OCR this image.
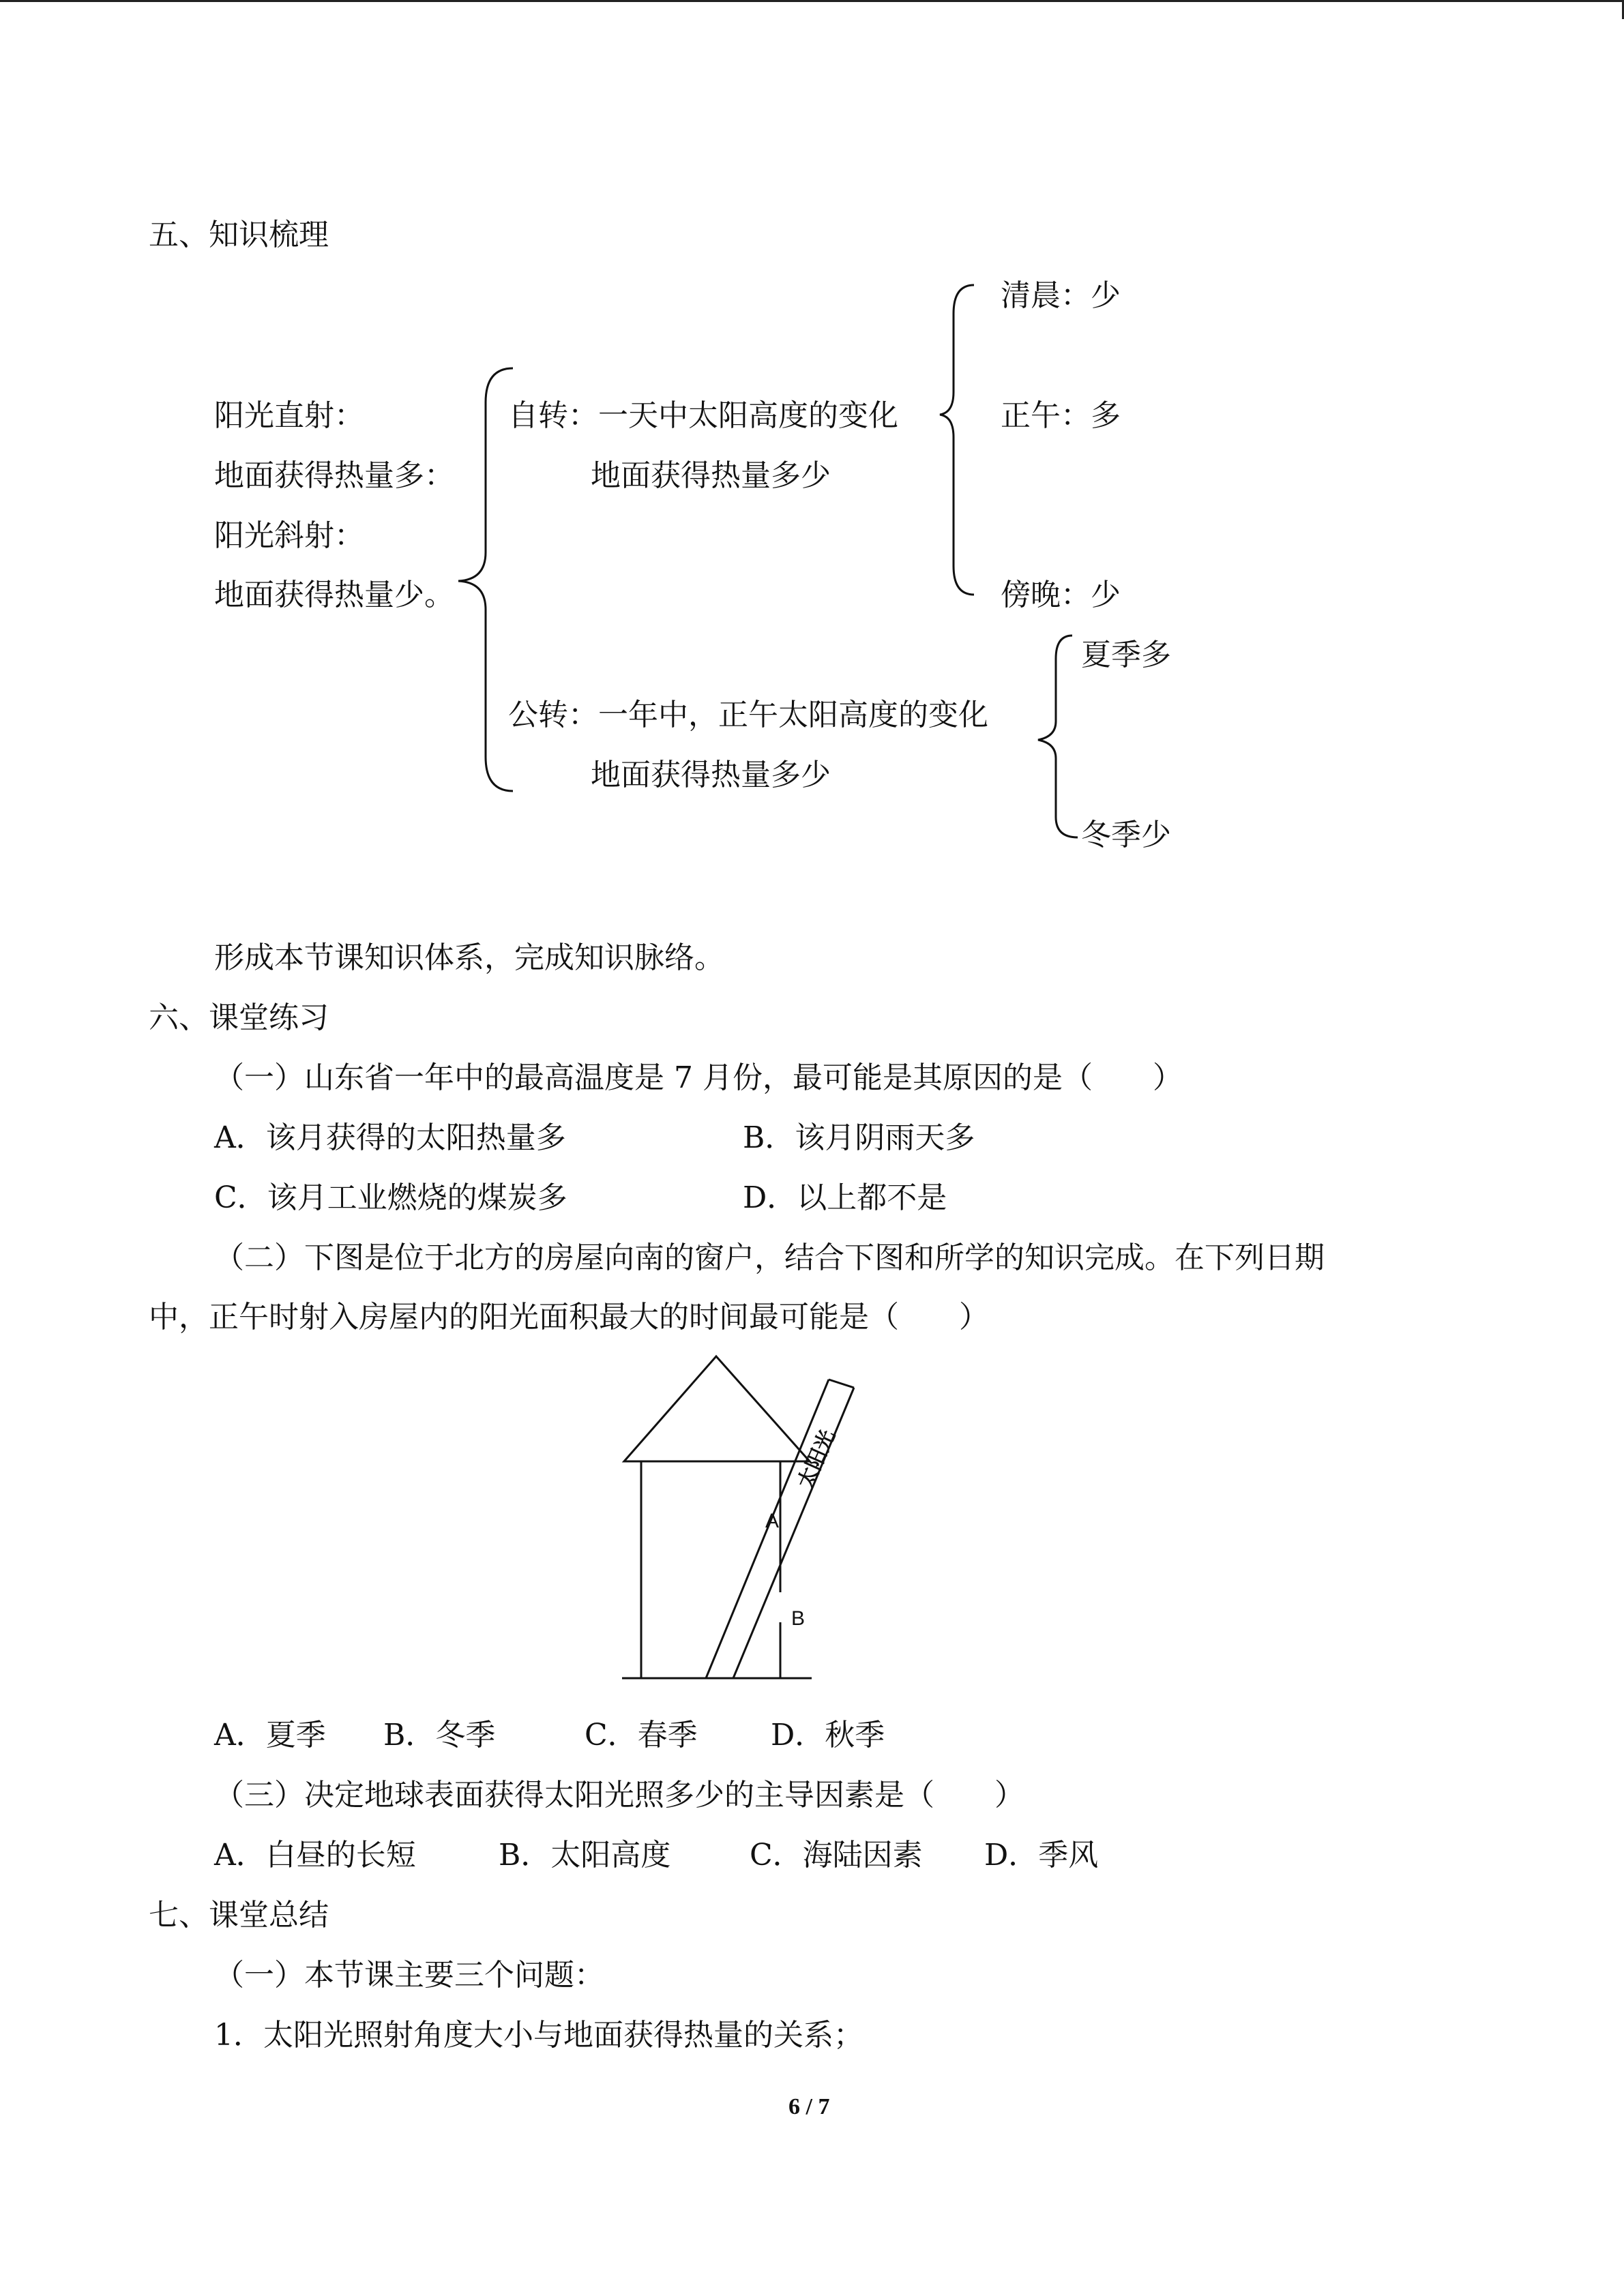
五、知识梳理
阳光直射：
地面获得热量多：
阳光斜射：
地面获得热量少。
自转：一天中太阳高度的变化
地面获得热量多少
清晨：少
正午：多
傍晚：少
公转：一年中，正午太阳高度的变化
地面获得热量多少
夏季多
冬季少
形成本节课知识体系，完成知识脉络。
六、课堂练习
（一）山东省一年中的最高温度是 7 月份，最可能是其原因的是（　　）
A．该月获得的太阳热量多	B．该月阴雨天多
C．该月工业燃烧的煤炭多	D．以上都不是
（二）下图是位于北方的房屋向南的窗户，结合下图和所学的知识完成。在下列日期
中，正午时射入房屋内的阳光面积最大的时间最可能是（　　）
太阳光
A
B
A．夏季 B．冬季	C．春季 D．秋季
（三）决定地球表面获得太阳光照多少的主导因素是（　　）
A．白昼的长短	B．太阳高度	C．海陆因素 D．季风
七、课堂总结
（一）本节课主要三个问题：
1．太阳光照射角度大小与地面获得热量的关系；
6 / 7
